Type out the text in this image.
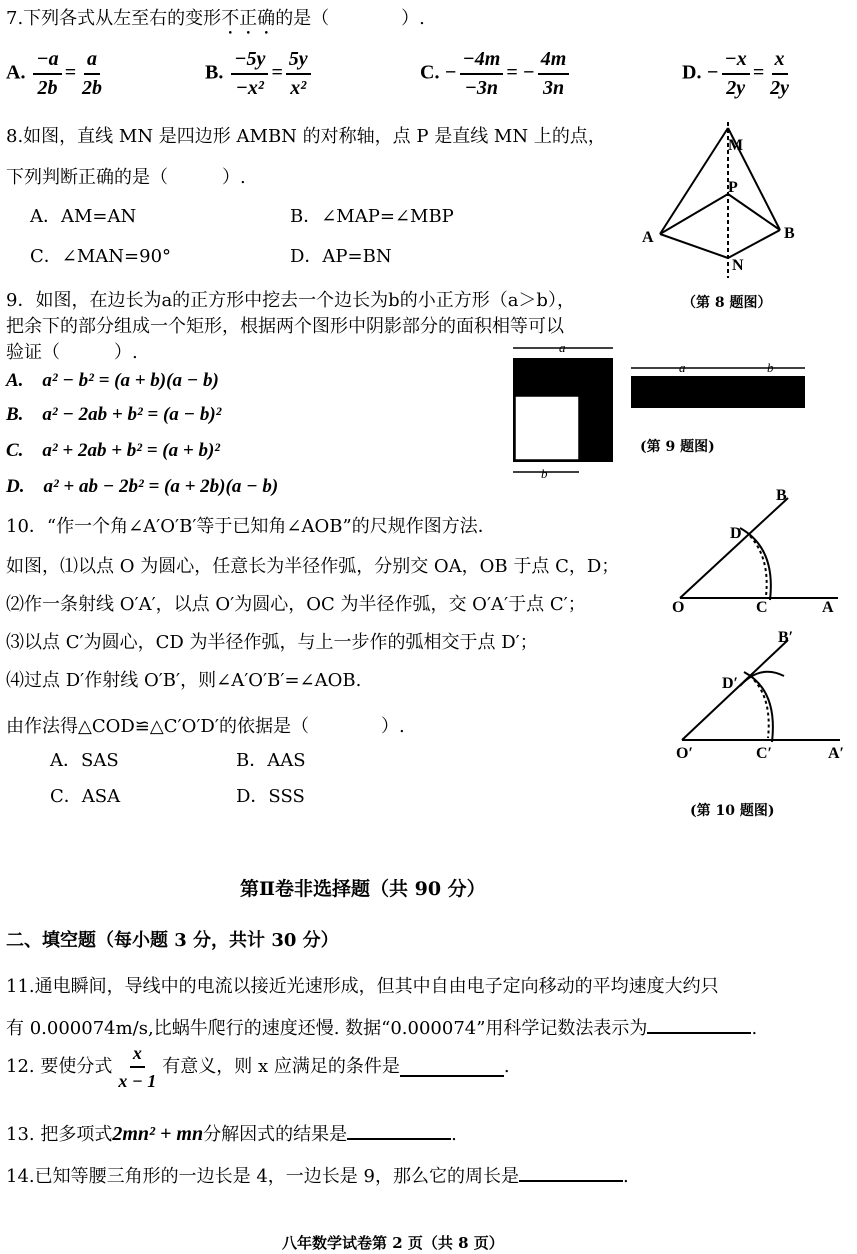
7.下列各式从左至右的变形不正确的是（　　　　）.
A. $\frac{-a}{2b} = \frac{a}{2b}$	B. $\frac{-5y}{\text{−x²}} = \frac{5y}{\text{x²}}$	C. − $\frac{-4m}{-3n}$ = − $\frac{4m}{3n}$	D. − $\frac{-x}{2y} = \frac{x}{2y}$
8.如图，直线 MN 是四边形 AMBN 的对称轴，点 P 是直线 MN 上的点，
下列判断正确的是（　　　）.
A．AM=AN	B．∠MAP=∠MBP
C．∠MAN=90°	D．AP=BN
M
P
A	B
N
（第 8 题图）
9．如图，在边长为a的正方形中挖去一个边长为b的小正方形（a＞b），
把余下的部分组成一个矩形，根据两个图形中阴影部分的面积相等可以
验证（　　　）.
A.　a² − b² = (a + b)(a − b)
B.　a² − 2ab + b² = (a − b)²
C.　a² + 2ab + b² = (a + b)²
D.　a² + ab − 2b² = (a + 2b)(a − b)
a
b
a	b
(第 9 题图)
10．“作一个角∠A′O′B′等于已知角∠AOB”的尺规作图方法．
如图，⑴以点 O 为圆心，任意长为半径作弧，分别交 OA，OB 于点 C，D；
⑵作一条射线 O′A′，以点 O′为圆心，OC 为半径作弧，交 O′A′于点 C′；
⑶以点 C′为圆心，CD 为半径作弧，与上一步作的弧相交于点 D′；
⑷过点 D′作射线 O′B′，则∠A′O′B′=∠AOB.
由作法得△COD≌△C′O′D′的依据是（　　　　）.
A．SAS	B．AAS
C．ASA	D．SSS
B
D
O	C	A
B′
D′
O′	C′	A′
(第 10 题图)
第Ⅱ卷非选择题（共 90 分）
二、填空题（每小题 3 分，共计 30 分）
11.通电瞬间，导线中的电流以接近光速形成，但其中自由电子定向移动的平均速度大约只
有 0.000074m/s,比蜗牛爬行的速度还慢. 数据“0.000074”用科学记数法表示为	.
12. 要使分式 $\frac{x}{x - 1}$ 有意义，则 x 应满足的条件是	.
13. 把多项式2mn² + mn分解因式的结果是	.
14.已知等腰三角形的一边长是 4，一边长是 9，那么它的周长是	.
八年数学试卷第 2 页（共 8 页）
